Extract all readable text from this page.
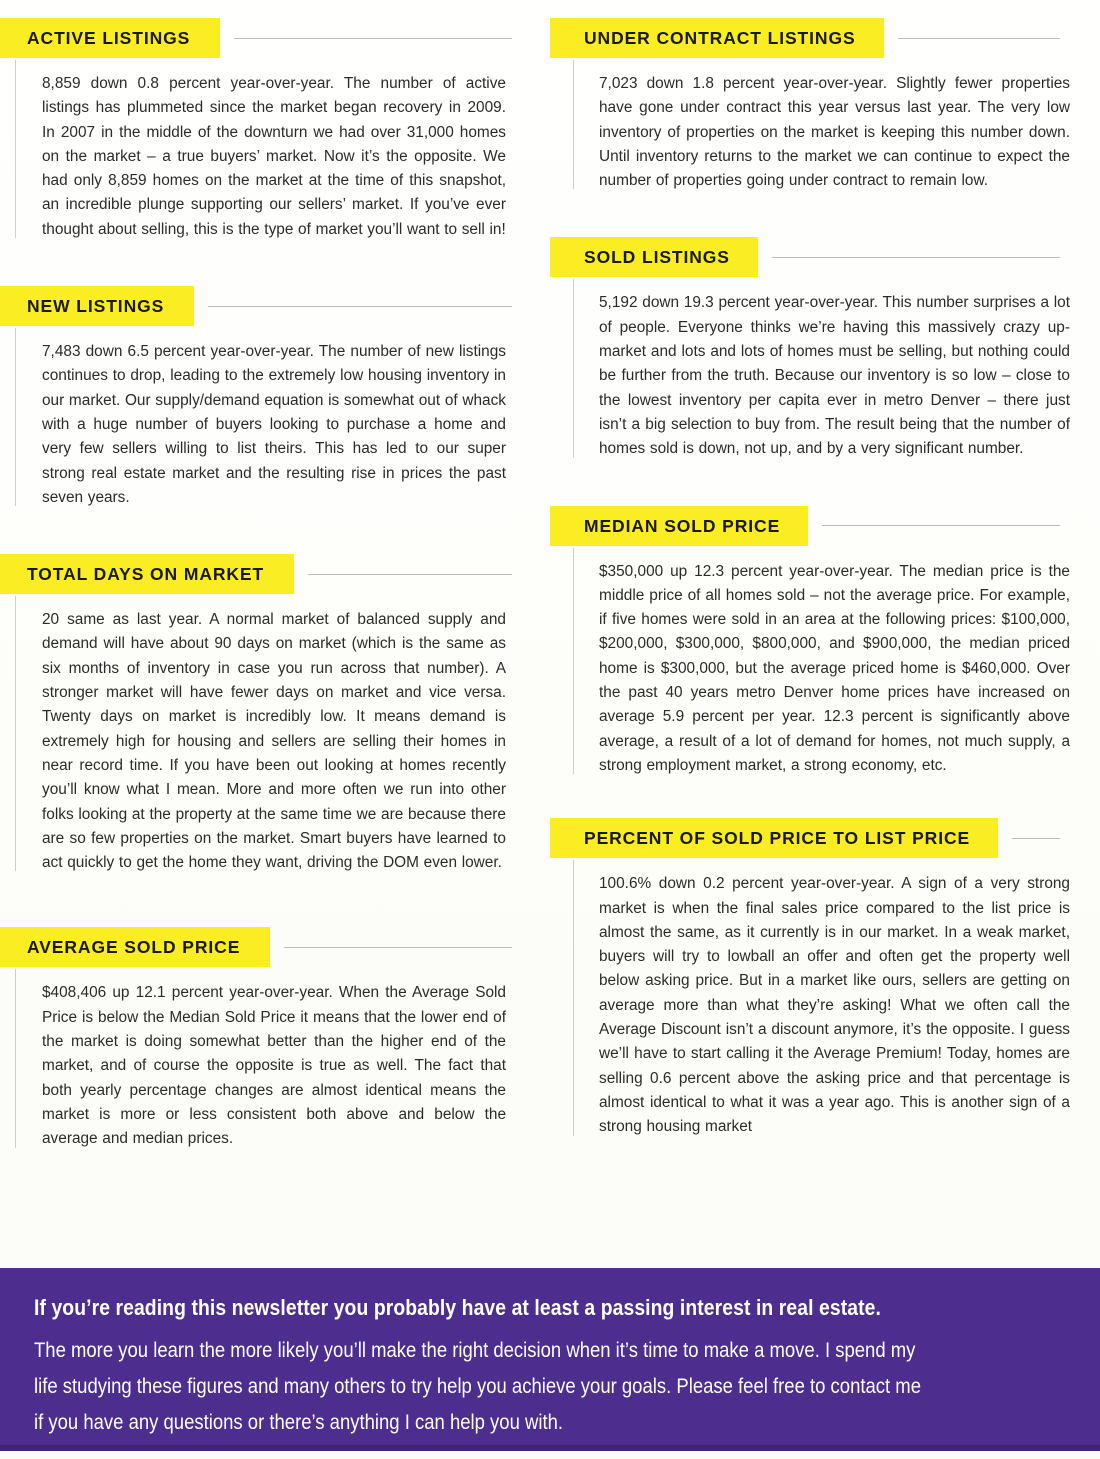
ACTIVE LISTINGS

8,859 down 0.8 percent year-over-year. The number of active listings has plummeted since the market began recovery in 2009. In 2007 in the middle of the downturn we had over 31,000 homes on the market – a true buyers’ market. Now it’s the opposite. We had only 8,859 homes on the market at the time of this snapshot, an incredible plunge supporting our sellers’ market. If you’ve ever thought about selling, this is the type of market you’ll want to sell in!

NEW LISTINGS

7,483 down 6.5 percent year-over-year. The number of new listings continues to drop, leading to the extremely low housing inventory in our market. Our supply/demand equation is somewhat out of whack with a huge number of buyers looking to purchase a home and very few sellers willing to list theirs. This has led to our super strong real estate market and the resulting rise in prices the past seven years.

TOTAL DAYS ON MARKET

20 same as last year. A normal market of balanced supply and demand will have about 90 days on market (which is the same as six months of inventory in case you run across that number). A stronger market will have fewer days on market and vice versa. Twenty days on market is incredibly low. It means demand is extremely high for housing and sellers are selling their homes in near record time. If you have been out looking at homes recently you’ll know what I mean. More and more often we run into other folks looking at the property at the same time we are because there are so few properties on the market. Smart buyers have learned to act quickly to get the home they want, driving the DOM even lower.

AVERAGE SOLD PRICE

$408,406 up 12.1 percent year-over-year. When the Average Sold Price is below the Median Sold Price it means that the lower end of the market is doing somewhat better than the higher end of the market, and of course the opposite is true as well. The fact that both yearly percentage changes are almost identical means the market is more or less consistent both above and below the average and median prices.

UNDER CONTRACT LISTINGS

7,023 down 1.8 percent year-over-year. Slightly fewer properties have gone under contract this year versus last year. The very low inventory of properties on the market is keeping this number down. Until inventory returns to the market we can continue to expect the number of properties going under contract to remain low.

SOLD LISTINGS

5,192 down 19.3 percent year-over-year. This number surprises a lot of people. Everyone thinks we’re having this massively crazy up-market and lots and lots of homes must be selling, but nothing could be further from the truth. Because our inventory is so low – close to the lowest inventory per capita ever in metro Denver – there just isn’t a big selection to buy from. The result being that the number of homes sold is down, not up, and by a very significant number.

MEDIAN SOLD PRICE

$350,000 up 12.3 percent year-over-year. The median price is the middle price of all homes sold – not the average price. For example, if five homes were sold in an area at the following prices: $100,000, $200,000, $300,000, $800,000, and $900,000, the median priced home is $300,000, but the average priced home is $460,000. Over the past 40 years metro Denver home prices have increased on average 5.9 percent per year. 12.3 percent is significantly above average, a result of a lot of demand for homes, not much supply, a strong employment market, a strong economy, etc.

PERCENT OF SOLD PRICE TO LIST PRICE

100.6% down 0.2 percent year-over-year. A sign of a very strong market is when the final sales price compared to the list price is almost the same, as it currently is in our market. In a weak market, buyers will try to lowball an offer and often get the property well below asking price. But in a market like ours, sellers are getting on average more than what they’re asking! What we often call the Average Discount isn’t a discount anymore, it’s the opposite. I guess we’ll have to start calling it the Average Premium! Today, homes are selling 0.6 percent above the asking price and that percentage is almost identical to what it was a year ago. This is another sign of a strong housing market

If you’re reading this newsletter you probably have at least a passing interest in real estate.
The more you learn the more likely you’ll make the right decision when it’s time to make a move. I spend my
life studying these figures and many others to try help you achieve your goals. Please feel free to contact me
if you have any questions or there’s anything I can help you with.
